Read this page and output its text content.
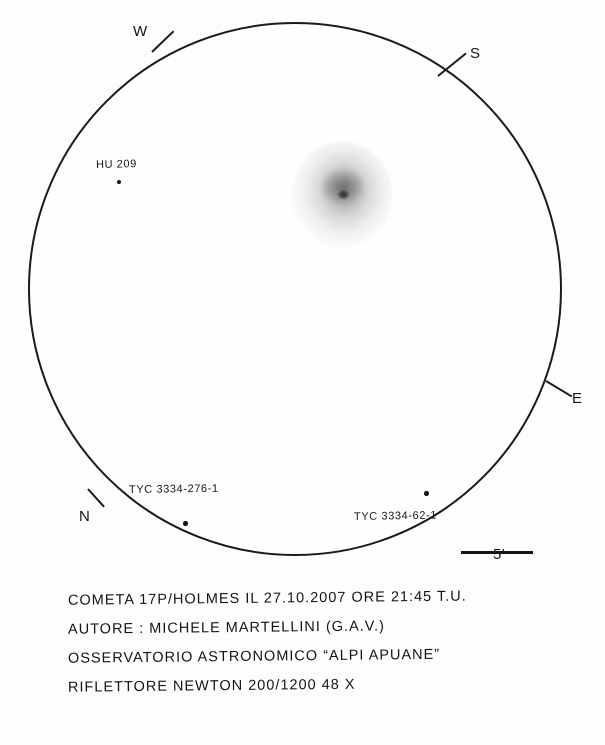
W
S
E
N
HU 209
TYC 3334-276-1
TYC 3334-62-1
5'
COMETA 17P/HOLMES IL 27.10.2007 ORE 21:45 T.U.
AUTORE : MICHELE MARTELLINI (G.A.V.)
OSSERVATORIO ASTRONOMICO “ALPI APUANE”
RIFLETTORE NEWTON 200/1200 48 X
